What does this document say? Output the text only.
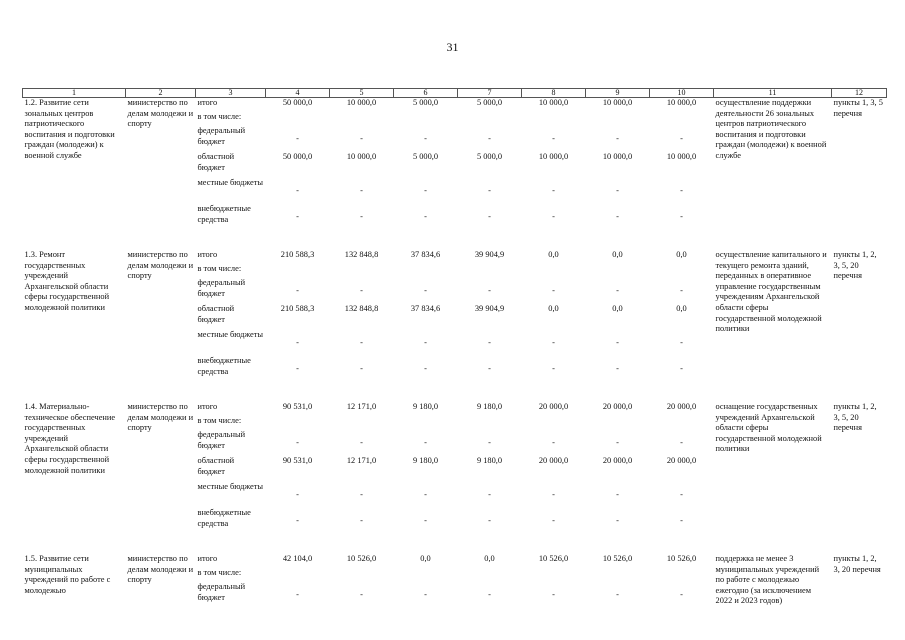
31
1	2	3	4	5	6	7	8	9	10	11	12
1.2. Развитие сети зональных центров патриотического воспитания и подготовки граждан (молодежи) к военной службе	министерство по делам молодежи и спорту	итого	50 000,0	10 000,0	5 000,0	5 000,0	10 000,0	10 000,0	10 000,0	осуществление поддержки деятельности 26 зональных центров патриотического воспитания и подготовки граждан (молодежи) к военной службе	пункты 1, 3, 5 перечня
		в том числе:									
		федеральный бюджет	-	-	-	-	-	-	-		
		областной бюджет	50 000,0	10 000,0	5 000,0	5 000,0	10 000,0	10 000,0	10 000,0		
		местные бюджеты	-	-	-	-	-	-	-		
		внебюджетные средства	-	-	-	-	-	-	-		

1.3. Ремонт государственных учреждений Архангельской области сферы государственной молодежной политики	министерство по делам молодежи и спорту	итого	210 588,3	132 848,8	37 834,6	39 904,9	0,0	0,0	0,0	осуществление капитального и текущего ремонта зданий, переданных в оперативное управление государственным учреждениям Архангельской области сферы государственной молодежной политики	пункты 1, 2, 3, 5, 20 перечня
		в том числе:									
		федеральный бюджет	-	-	-	-	-	-	-		
		областной бюджет	210 588,3	132 848,8	37 834,6	39 904,9	0,0	0,0	0,0		
		местные бюджеты	-	-	-	-	-	-	-		
		внебюджетные средства	-	-	-	-	-	-	-		

1.4. Материально-техническое обеспечение государственных учреждений Архангельской области сферы государственной молодежной политики	министерство по делам молодежи и спорту	итого	90 531,0	12 171,0	9 180,0	9 180,0	20 000,0	20 000,0	20 000,0	оснащение государственных учреждений Архангельской области сферы государственной молодежной политики	пункты 1, 2, 3, 5, 20 перечня
		в том числе:									
		федеральный бюджет	-	-	-	-	-	-	-		
		областной бюджет	90 531,0	12 171,0	9 180,0	9 180,0	20 000,0	20 000,0	20 000,0		
		местные бюджеты	-	-	-	-	-	-	-		
		внебюджетные средства	-	-	-	-	-	-	-		

1.5. Развитие сети муниципальных учреждений по работе с молодежью	министерство по делам молодежи и спорту	итого	42 104,0	10 526,0	0,0	0,0	10 526,0	10 526,0	10 526,0	поддержка не менее 3 муниципальных учреждений по работе с молодежью ежегодно (за исключением 2022 и 2023 годов)	пункты 1, 2, 3, 20 перечня
		в том числе:									
		федеральный бюджет	-	-	-	-	-	-	-		
